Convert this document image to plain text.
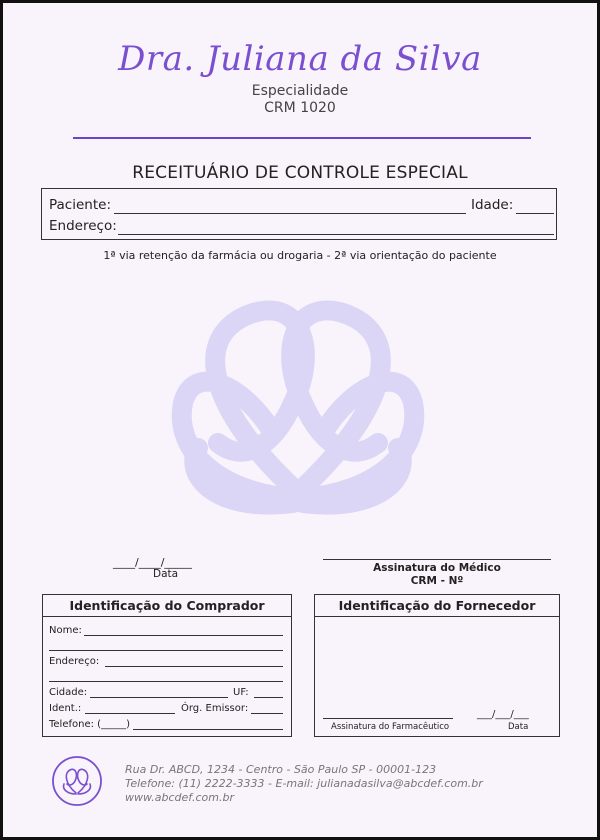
Dra. Juliana da Silva
Especialidade
CRM 1020
RECEITUÁRIO DE CONTROLE ESPECIAL
Paciente:	Idade:
Endereço:
1ª via retenção da farmácia ou drogaria - 2ª via orientação do paciente
____/____/_____
Data	Assinatura do Médico
CRM - Nº
Identificação do Comprador
Nome:
Endereço:
Cidade:	UF:
Ident.:	Órg. Emissor:
Telefone: (_____)
Identificação do Fornecedor
Assinatura do Farmacêutico
___/___/___
Data
Rua Dr. ABCD, 1234 - Centro - São Paulo SP - 00001-123
Telefone: (11) 2222-3333 - E-mail: julianadasilva@abcdef.com.br
www.abcdef.com.br
